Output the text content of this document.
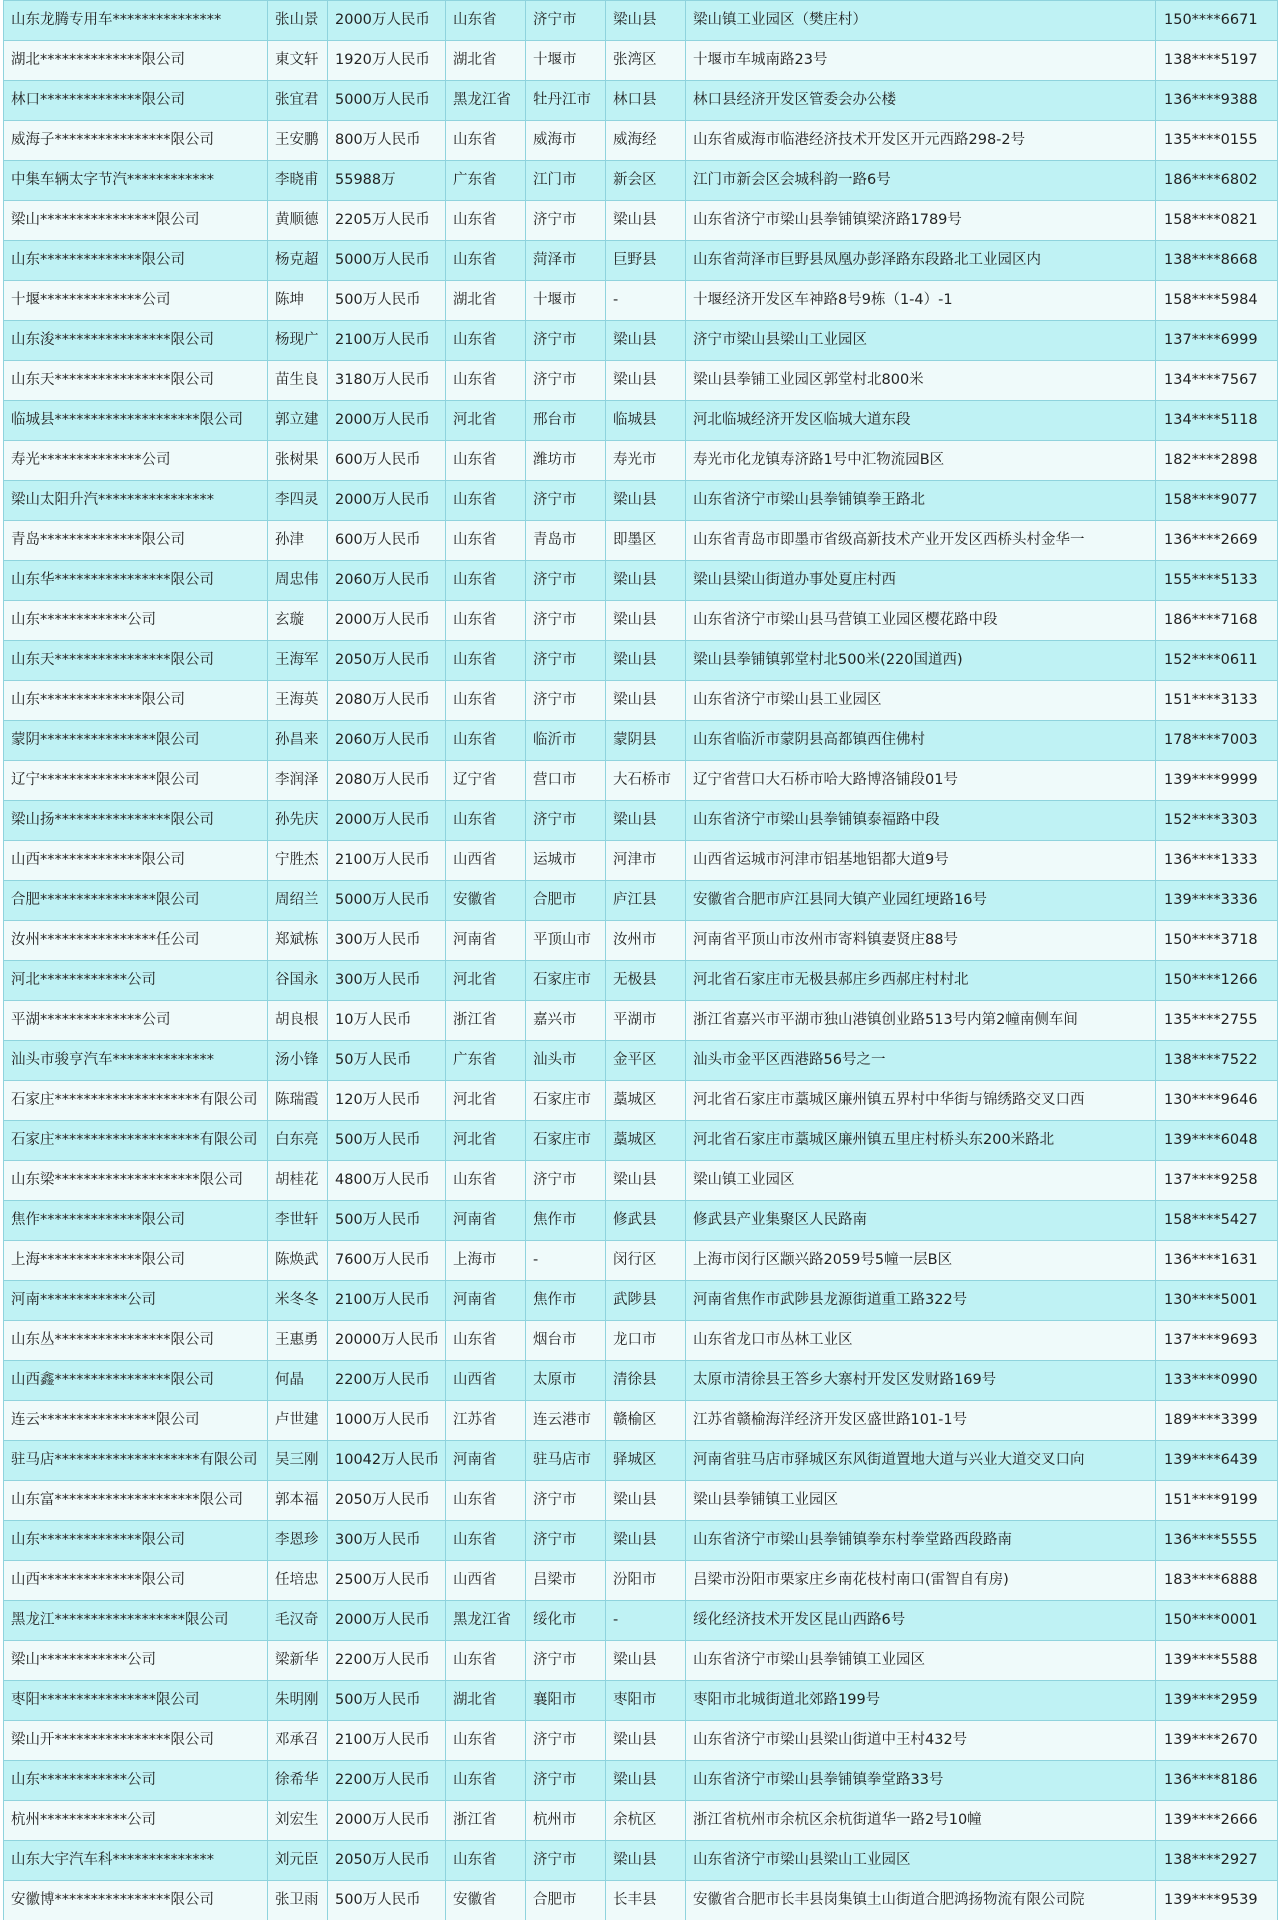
山东龙腾专用车***************	张山景	2000万人民币	山东省	济宁市	梁山县	梁山镇工业园区（樊庄村）	150****6671
湖北**************限公司	東文轩	1920万人民币	湖北省	十堰市	张湾区	十堰市车城南路23号	138****5197
林口**************限公司	张宜君	5000万人民币	黑龙江省	牡丹江市	林口县	林口县经济开发区管委会办公楼	136****9388
威海子****************限公司	王安鹏	800万人民币	山东省	威海市	威海经	山东省威海市临港经济技术开发区开元西路298-2号	135****0155
中集车辆太字节汽************	李晓甫	55988万	广东省	江门市	新会区	江门市新会区会城科韵一路6号	186****6802
梁山****************限公司	黄顺德	2205万人民币	山东省	济宁市	梁山县	山东省济宁市梁山县拳铺镇梁济路1789号	158****0821
山东**************限公司	杨克超	5000万人民币	山东省	菏泽市	巨野县	山东省菏泽市巨野县凤凰办彭泽路东段路北工业园区内	138****8668
十堰**************公司	陈坤	500万人民币	湖北省	十堰市	-	十堰经济开发区车神路8号9栋（1-4）-1	158****5984
山东浚****************限公司	杨现广	2100万人民币	山东省	济宁市	梁山县	济宁市梁山县梁山工业园区	137****6999
山东天****************限公司	苗生良	3180万人民币	山东省	济宁市	梁山县	梁山县拳铺工业园区郭堂村北800米	134****7567
临城县********************限公司	郭立建	2000万人民币	河北省	邢台市	临城县	河北临城经济开发区临城大道东段	134****5118
寿光**************公司	张树果	600万人民币	山东省	潍坊市	寿光市	寿光市化龙镇寿济路1号中汇物流园B区	182****2898
梁山太阳升汽****************	李四灵	2000万人民币	山东省	济宁市	梁山县	山东省济宁市梁山县拳铺镇拳王路北	158****9077
青岛**************限公司	孙津	600万人民币	山东省	青岛市	即墨区	山东省青岛市即墨市省级高新技术产业开发区西桥头村金华一	136****2669
山东华****************限公司	周忠伟	2060万人民币	山东省	济宁市	梁山县	梁山县梁山街道办事处夏庄村西	155****5133
山东************公司	玄璇	2000万人民币	山东省	济宁市	梁山县	山东省济宁市梁山县马营镇工业园区樱花路中段	186****7168
山东天****************限公司	王海军	2050万人民币	山东省	济宁市	梁山县	梁山县拳铺镇郭堂村北500米(220国道西)	152****0611
山东**************限公司	王海英	2080万人民币	山东省	济宁市	梁山县	山东省济宁市梁山县工业园区	151****3133
蒙阴****************限公司	孙昌来	2060万人民币	山东省	临沂市	蒙阴县	山东省临沂市蒙阴县高都镇西住佛村	178****7003
辽宁****************限公司	李润泽	2080万人民币	辽宁省	营口市	大石桥市	辽宁省营口大石桥市哈大路博洛铺段01号	139****9999
梁山扬****************限公司	孙先庆	2000万人民币	山东省	济宁市	梁山县	山东省济宁市梁山县拳铺镇泰福路中段	152****3303
山西**************限公司	宁胜杰	2100万人民币	山西省	运城市	河津市	山西省运城市河津市铝基地铝都大道9号	136****1333
合肥****************限公司	周绍兰	5000万人民币	安徽省	合肥市	庐江县	安徽省合肥市庐江县同大镇产业园红埂路16号	139****3336
汝州****************任公司	郑斌栋	300万人民币	河南省	平顶山市	汝州市	河南省平顶山市汝州市寄料镇妻贤庄88号	150****3718
河北************公司	谷国永	300万人民币	河北省	石家庄市	无极县	河北省石家庄市无极县郝庄乡西郝庄村村北	150****1266
平湖**************公司	胡良根	10万人民币	浙江省	嘉兴市	平湖市	浙江省嘉兴市平湖市独山港镇创业路513号内第2幢南侧车间	135****2755
汕头市骏亨汽车**************	汤小锋	50万人民币	广东省	汕头市	金平区	汕头市金平区西港路56号之一	138****7522
石家庄********************有限公司	陈瑞霞	120万人民币	河北省	石家庄市	藁城区	河北省石家庄市藁城区廉州镇五界村中华街与锦绣路交叉口西	130****9646
石家庄********************有限公司	白东亮	500万人民币	河北省	石家庄市	藁城区	河北省石家庄市藁城区廉州镇五里庄村桥头东200米路北	139****6048
山东梁********************限公司	胡桂花	4800万人民币	山东省	济宁市	梁山县	梁山镇工业园区	137****9258
焦作**************限公司	李世轩	500万人民币	河南省	焦作市	修武县	修武县产业集聚区人民路南	158****5427
上海**************限公司	陈焕武	7600万人民币	上海市	-	闵行区	上海市闵行区颛兴路2059号5幢一层B区	136****1631
河南************公司	米冬冬	2100万人民币	河南省	焦作市	武陟县	河南省焦作市武陟县龙源街道重工路322号	130****5001
山东丛****************限公司	王惠勇	20000万人民币	山东省	烟台市	龙口市	山东省龙口市丛林工业区	137****9693
山西鑫****************限公司	何晶	2200万人民币	山西省	太原市	清徐县	太原市清徐县王答乡大寨村开发区发财路169号	133****0990
连云****************限公司	卢世建	1000万人民币	江苏省	连云港市	赣榆区	江苏省赣榆海洋经济开发区盛世路101-1号	189****3399
驻马店********************有限公司	吴三刚	10042万人民币	河南省	驻马店市	驿城区	河南省驻马店市驿城区东风街道置地大道与兴业大道交叉口向	139****6439
山东富********************限公司	郭本福	2050万人民币	山东省	济宁市	梁山县	梁山县拳铺镇工业园区	151****9199
山东**************限公司	李恩珍	300万人民币	山东省	济宁市	梁山县	山东省济宁市梁山县拳铺镇拳东村拳堂路西段路南	136****5555
山西**************限公司	任培忠	2500万人民币	山西省	吕梁市	汾阳市	吕梁市汾阳市栗家庄乡南花枝村南口(雷智自有房)	183****6888
黑龙江******************限公司	毛汉奇	2000万人民币	黑龙江省	绥化市	-	绥化经济技术开发区昆山西路6号	150****0001
梁山************公司	梁新华	2200万人民币	山东省	济宁市	梁山县	山东省济宁市梁山县拳铺镇工业园区	139****5588
枣阳****************限公司	朱明刚	500万人民币	湖北省	襄阳市	枣阳市	枣阳市北城街道北郊路199号	139****2959
梁山开****************限公司	邓承召	2100万人民币	山东省	济宁市	梁山县	山东省济宁市梁山县梁山街道中王村432号	139****2670
山东************公司	徐希华	2200万人民币	山东省	济宁市	梁山县	山东省济宁市梁山县拳铺镇拳堂路33号	136****8186
杭州************公司	刘宏生	2000万人民币	浙江省	杭州市	余杭区	浙江省杭州市余杭区余杭街道华一路2号10幢	139****2666
山东大宇汽车科**************	刘元臣	2050万人民币	山东省	济宁市	梁山县	山东省济宁市梁山县梁山工业园区	138****2927
安徽博****************限公司	张卫雨	500万人民币	安徽省	合肥市	长丰县	安徽省合肥市长丰县岗集镇土山街道合肥鸿扬物流有限公司院	139****9539
